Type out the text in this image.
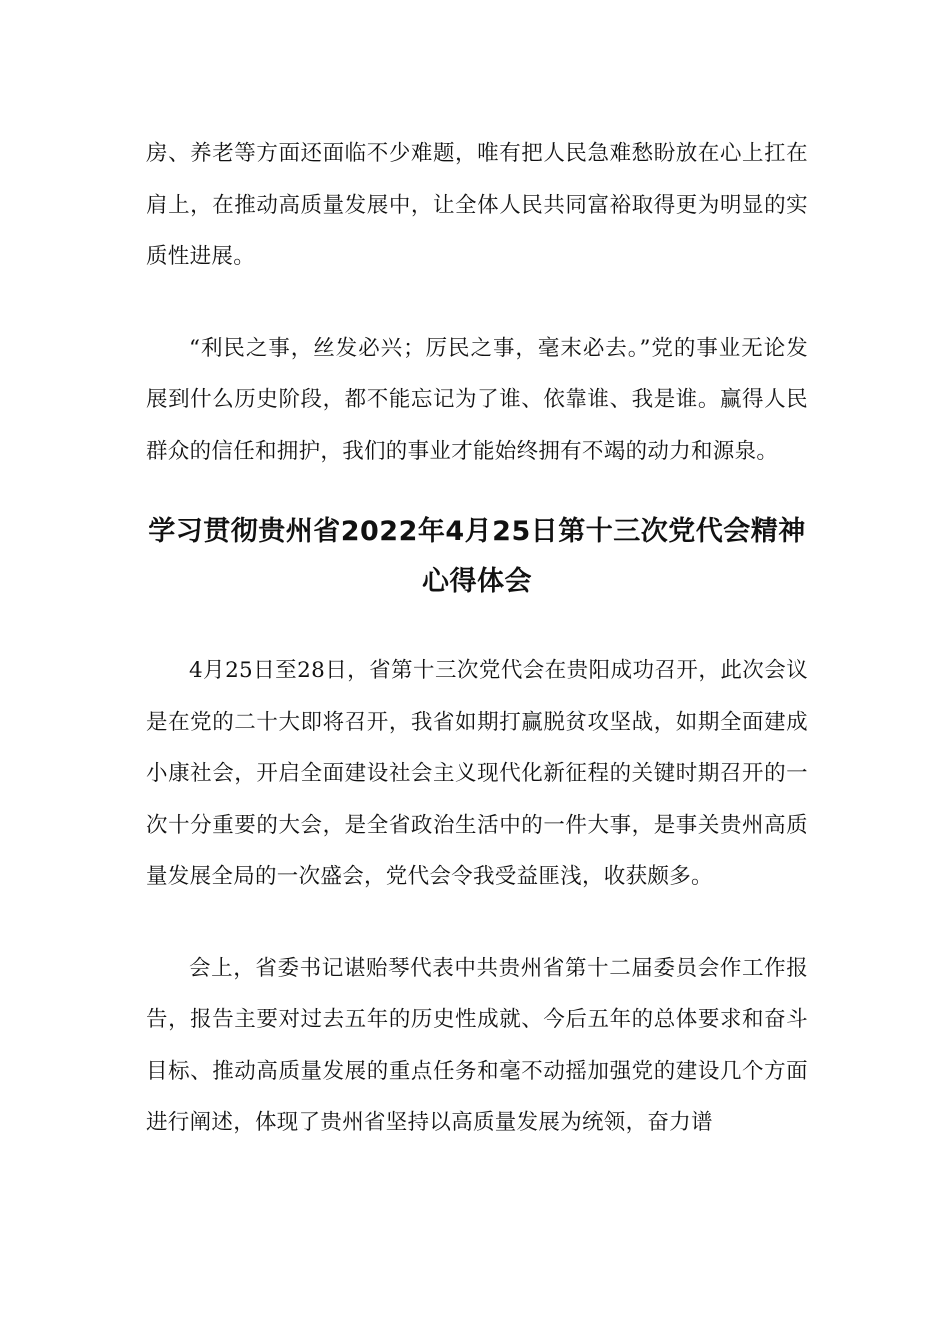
房、养老等方面还面临不少难题，唯有把人民急难愁盼放在心上扛在肩上，在推动高质量发展中，让全体人民共同富裕取得更为明显的实质性进展。

“利民之事，丝发必兴；厉民之事，毫末必去。”党的事业无论发展到什么历史阶段，都不能忘记为了谁、依靠谁、我是谁。赢得人民群众的信任和拥护，我们的事业才能始终拥有不竭的动力和源泉。

学习贯彻贵州省2022年4月25日第十三次党代会精神心得体会

4月25日至28日，省第十三次党代会在贵阳成功召开，此次会议是在党的二十大即将召开，我省如期打赢脱贫攻坚战，如期全面建成小康社会，开启全面建设社会主义现代化新征程的关键时期召开的一次十分重要的大会，是全省政治生活中的一件大事，是事关贵州高质量发展全局的一次盛会，党代会令我受益匪浅，收获颇多。

会上，省委书记谌贻琴代表中共贵州省第十二届委员会作工作报告，报告主要对过去五年的历史性成就、今后五年的总体要求和奋斗目标、推动高质量发展的重点任务和毫不动摇加强党的建设几个方面进行阐述，体现了贵州省坚持以高质量发展为统领，奋力谱
